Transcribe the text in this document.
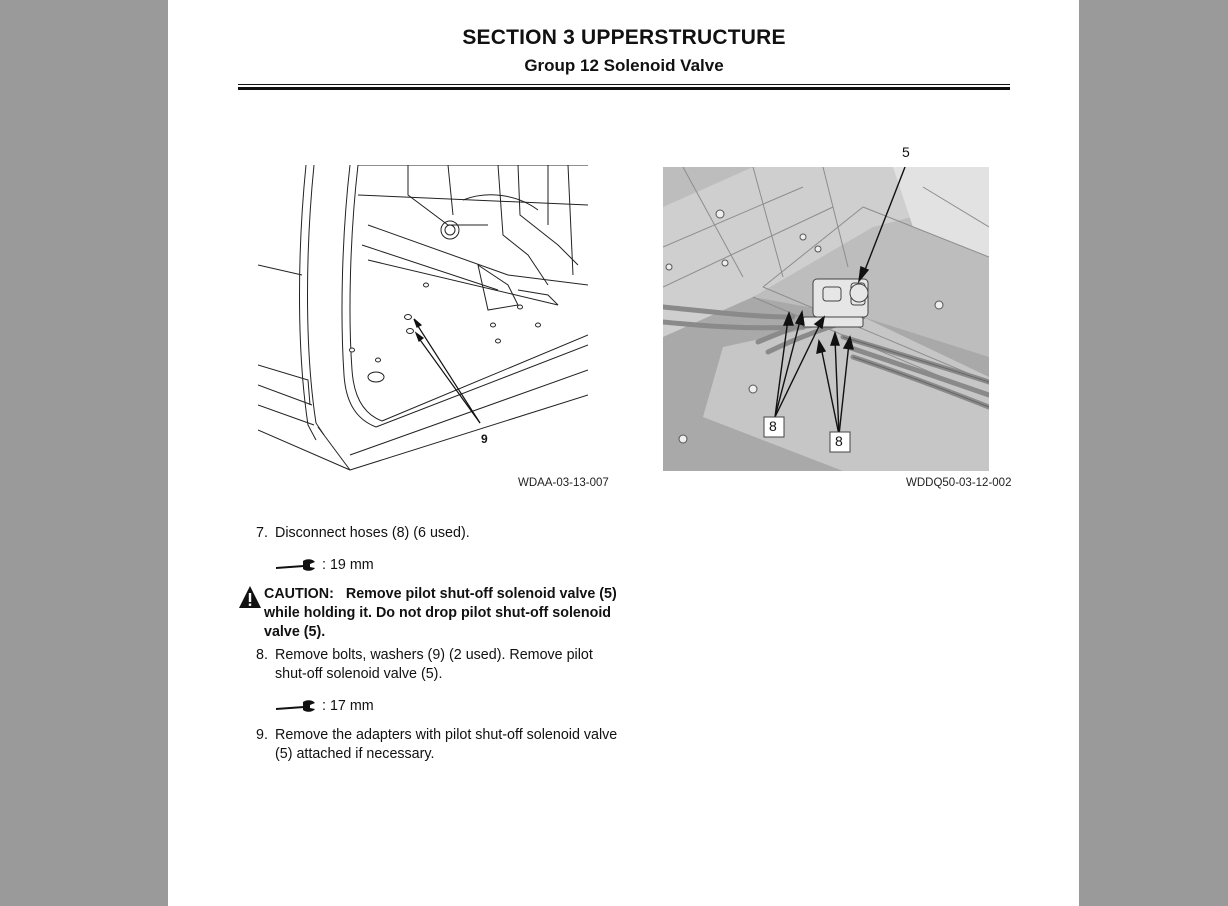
SECTION 3 UPPERSTRUCTURE
Group 12 Solenoid Valve
9
WDAA-03-13-007
5
8
8
WDDQ50-03-12-002
7. Disconnect hoses (8) (6 used).
: 19 mm
CAUTION: Remove pilot shut-off solenoid valve (5) while holding it. Do not drop pilot shut-off solenoid valve (5).
8. Remove bolts, washers (9) (2 used). Remove pilot shut-off solenoid valve (5).
: 17 mm
9. Remove the adapters with pilot shut-off solenoid valve (5) attached if necessary.
